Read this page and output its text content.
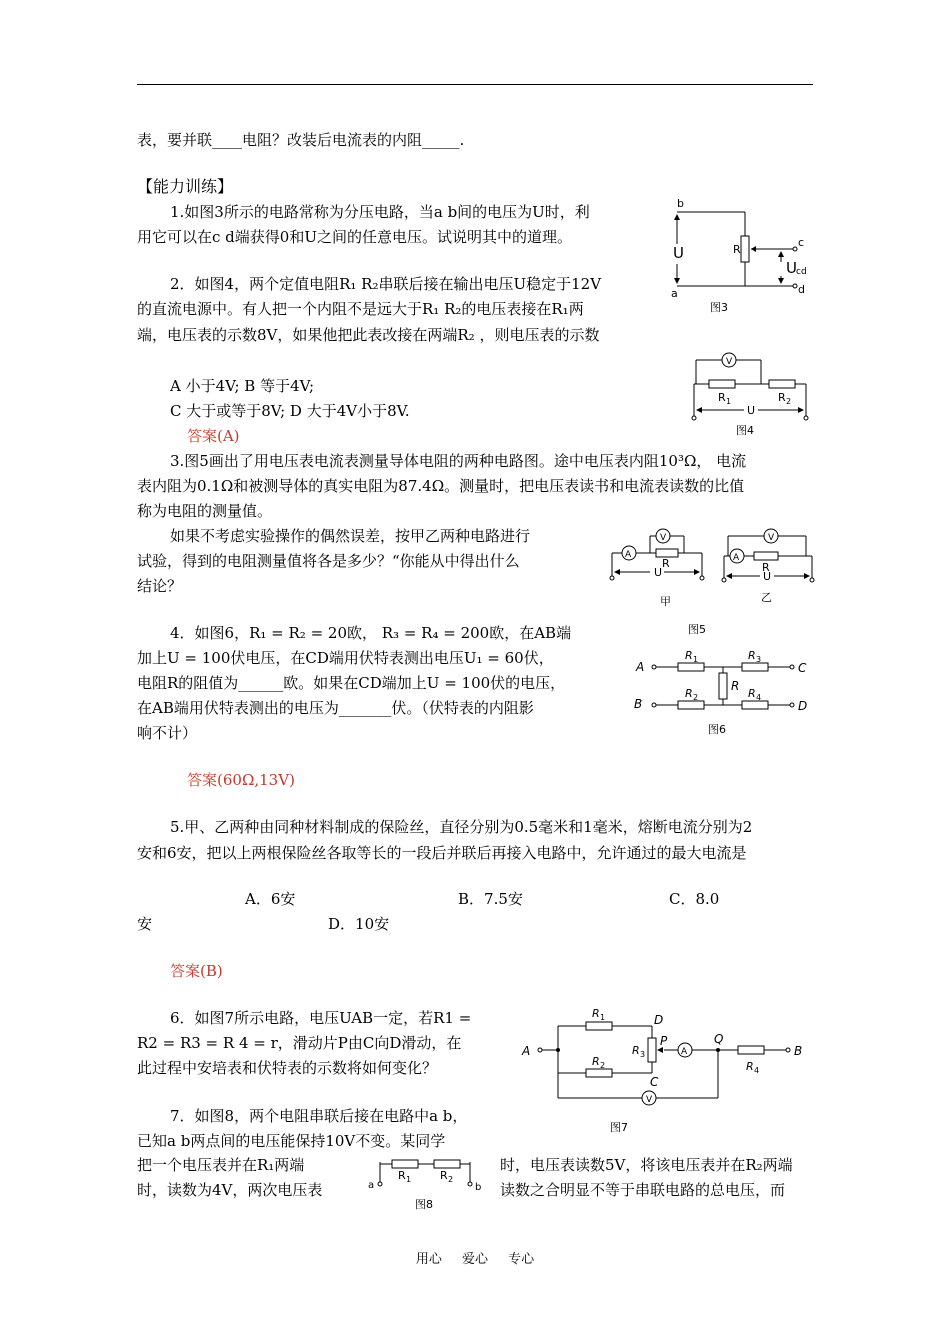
表，要并联____电阻？改装后电流表的内阻_____.
【能力训练】
1.如图3所示的电路常称为分压电路，当a b间的电压为U时，利
用它可以在c d端获得0和U之间的任意电压。试说明其中的道理。
2．如图4，两个定值电阻R₁ R₂串联后接在输出电压U稳定于12V
的直流电源中。有人把一个内阻不是远大于R₁ R₂的电压表接在R₁两
端，电压表的示数8V，如果他把此表改接在两端R₂ ，则电压表的示数
A 小于4V; B 等于4V;
C 大于或等于8V; D 大于4V小于8V.
答案(A)
3.图5画出了用电压表电流表测量导体电阻的两种电路图。途中电压表内阻10³Ω， 电流
表内阻为0.1Ω和被测导体的真实电阻为87.4Ω。测量时，把电压表读书和电流表读数的比值
称为电阻的测量值。
如果不考虑实验操作的偶然误差，按甲乙两种电路进行
试验，得到的电阻测量值将各是多少？“你能从中得出什么
结论？
4．如图6，R₁ = R₂ = 20欧， R₃ = R₄ = 200欧，在AB端
加上U = 100伏电压，在CD端用伏特表测出电压U₁ = 60伏，
电阻R的阻值为______欧。如果在CD端加上U = 100伏的电压，
在AB端用伏特表测出的电压为_______伏。（伏特表的内阻影
响不计）
答案(60Ω,13V)
5.甲、乙两种由同种材料制成的保险丝，直径分别为0.5毫米和1毫米，熔断电流分别为2
安和6安，把以上两根保险丝各取等长的一段后并联后再接入电路中，允许通过的最大电流是
A．6安	B．7.5安	C．8.0
安	D．10安
答案(B)
6．如图7所示电路，电压UAB一定，若R1 =
R2 = R3 = R 4 = r，滑动片P由C向D滑动，在
此过程中安培表和伏特表的示数将如何变化？
7．如图8，两个电阻串联后接在电路中a b，
已知a b两点间的电压能保持10V不变。某同学
把一个电压表并在R₁两端
时，读数为4V，两次电压表
时，电压表读数5V，将该电压表并在R₂两端
读数之合明显不等于串联电路的总电压，而
b
a
c
d
U	R
U cd
图3
V
R 1	R 2
U
图4
A
V
R
U
A
V
R
U
甲	乙
图5
A
B
C
D
R 1	R 3
R 2	R 4
R
图6
A	B
D
C
P	Q
R 1
R 2
R 3
R 4
A
V
图7
a	b
R 1	R 2
图8
用心 爱心 专心
